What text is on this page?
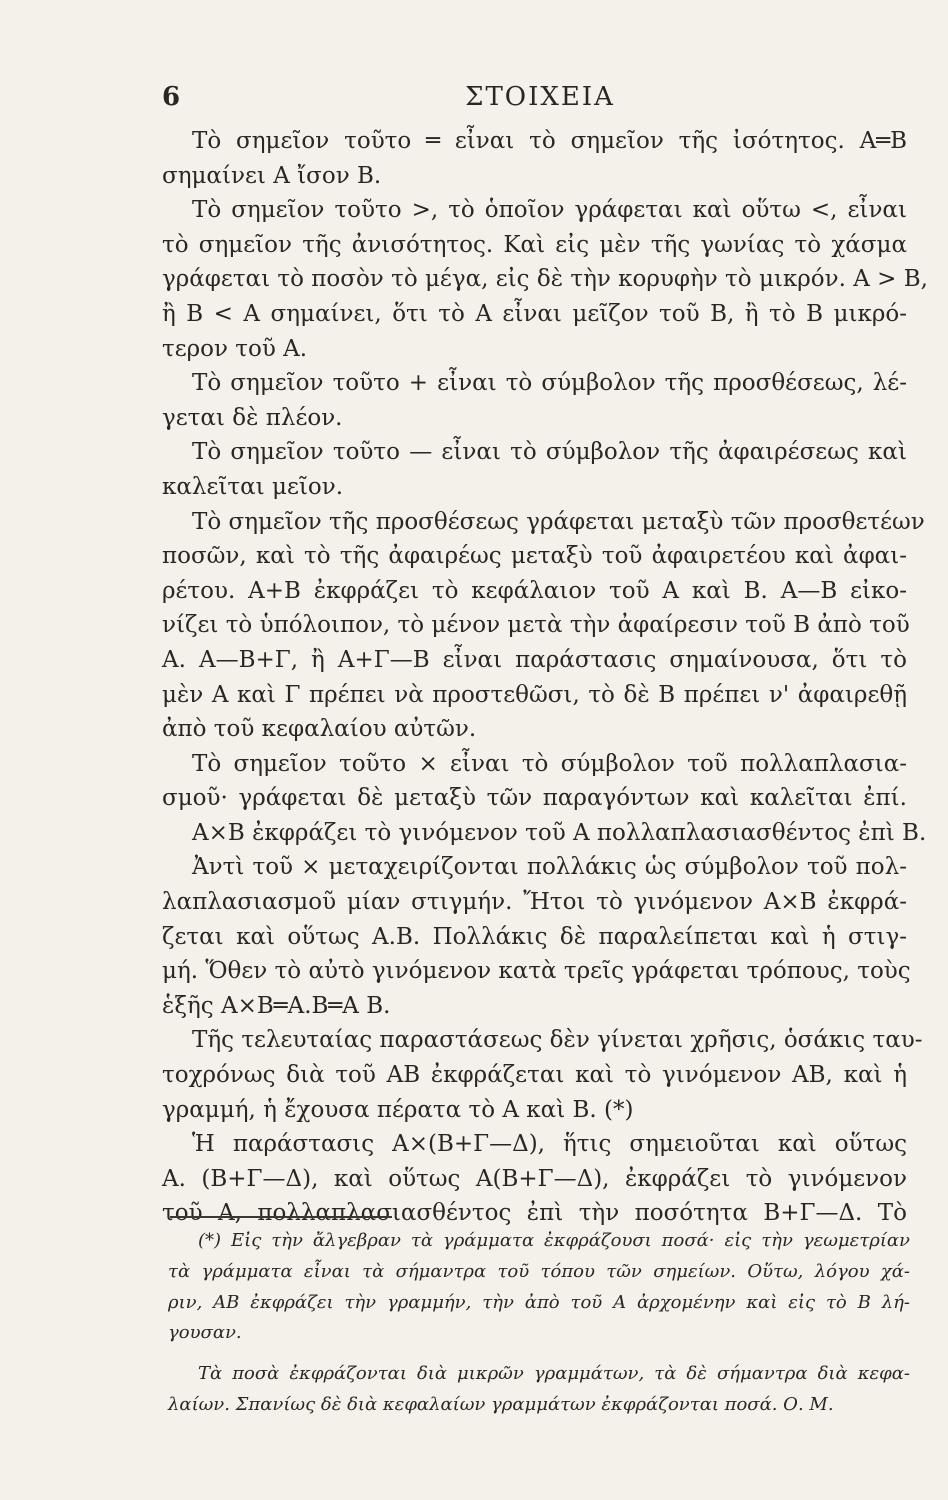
6	ΣΤΟΙΧΕΙΑ
Τὸ σημεῖον τοῦτο ═ εἶναι τὸ σημεῖον τῆς ἰσότητος. Α═Β
σημαίνει Α ἴσον Β.
Τὸ σημεῖον τοῦτο >, τὸ ὁποῖον γράφεται καὶ οὕτω <, εἶναι
τὸ σημεῖον τῆς ἀνισότητος. Καὶ εἰς μὲν τῆς γωνίας τὸ χάσμα
γράφεται τὸ ποσὸν τὸ μέγα, εἰς δὲ τὴν κορυφὴν τὸ μικρόν. Α > Β,
ἢ Β < Α σημαίνει, ὅτι τὸ Α εἶναι μεῖζον τοῦ Β, ἢ τὸ Β μικρό-
τερον τοῦ Α.
Τὸ σημεῖον τοῦτο + εἶναι τὸ σύμβολον τῆς προσθέσεως, λέ-
γεται δὲ πλέον.
Τὸ σημεῖον τοῦτο — εἶναι τὸ σύμβολον τῆς ἀφαιρέσεως καὶ
καλεῖται μεῖον.
Τὸ σημεῖον τῆς προσθέσεως γράφεται μεταξὺ τῶν προσθετέων
ποσῶν, καὶ τὸ τῆς ἀφαιρέως μεταξὺ τοῦ ἀφαιρετέου καὶ ἀφαι-
ρέτου. Α+Β ἐκφράζει τὸ κεφάλαιον τοῦ Α καὶ Β. Α—Β εἰκο-
νίζει τὸ ὑπόλοιπον, τὸ μένον μετὰ τὴν ἀφαίρεσιν τοῦ Β ἀπὸ τοῦ
Α. Α—Β+Γ, ἢ Α+Γ—Β εἶναι παράστασις σημαίνουσα, ὅτι τὸ
μὲν Α καὶ Γ πρέπει νὰ προστεθῶσι, τὸ δὲ Β πρέπει ν' ἀφαιρεθῇ
ἀπὸ τοῦ κεφαλαίου αὐτῶν.
Τὸ σημεῖον τοῦτο × εἶναι τὸ σύμβολον τοῦ πολλαπλασια-
σμοῦ· γράφεται δὲ μεταξὺ τῶν παραγόντων καὶ καλεῖται ἐπί.
Α×Β ἐκφράζει τὸ γινόμενον τοῦ Α πολλαπλασιασθέντος ἐπὶ Β.
Ἀντὶ τοῦ × μεταχειρίζονται πολλάκις ὡς σύμβολον τοῦ πολ-
λαπλασιασμοῦ μίαν στιγμήν. Ἤτοι τὸ γινόμενον Α×Β ἐκφρά-
ζεται καὶ οὕτως Α.Β. Πολλάκις δὲ παραλείπεται καὶ ἡ στιγ-
μή. Ὅθεν τὸ αὐτὸ γινόμενον κατὰ τρεῖς γράφεται τρόπους, τοὺς
ἑξῆς Α×Β═Α.Β═Α Β.
Τῆς τελευταίας παραστάσεως δὲν γίνεται χρῆσις, ὁσάκις ταυ-
τοχρόνως διὰ τοῦ ΑΒ ἐκφράζεται καὶ τὸ γινόμενον ΑΒ, καὶ ἡ
γραμμή, ἡ ἔχουσα πέρατα τὸ Α καὶ Β. (*)
Ἡ παράστασις Α×(Β+Γ—Δ), ἥτις σημειοῦται καὶ οὕτως
Α. (Β+Γ—Δ), καὶ οὕτως Α(Β+Γ—Δ), ἐκφράζει τὸ γινόμενον
τοῦ Α, πολλαπλασιασθέντος ἐπὶ τὴν ποσότητα Β+Γ—Δ. Τὸ
(*) Εἰς τὴν ἄλγεβραν τὰ γράμματα ἐκφράζουσι ποσά· εἰς τὴν γεωμετρίαν
τὰ γράμματα εἶναι τὰ σήμαντρα τοῦ τόπου τῶν σημείων. Οὕτω, λόγου χά-
ριν, ΑΒ ἐκφράζει τὴν γραμμήν, τὴν ἀπὸ τοῦ Α ἀρχομένην καὶ εἰς τὸ Β λή-
γουσαν.
Τὰ ποσὰ ἐκφράζονται διὰ μικρῶν γραμμάτων, τὰ δὲ σήμαντρα διὰ κεφα-
λαίων. Σπανίως δὲ διὰ κεφαλαίων γραμμάτων ἐκφράζονται ποσά. Ο. Μ.
